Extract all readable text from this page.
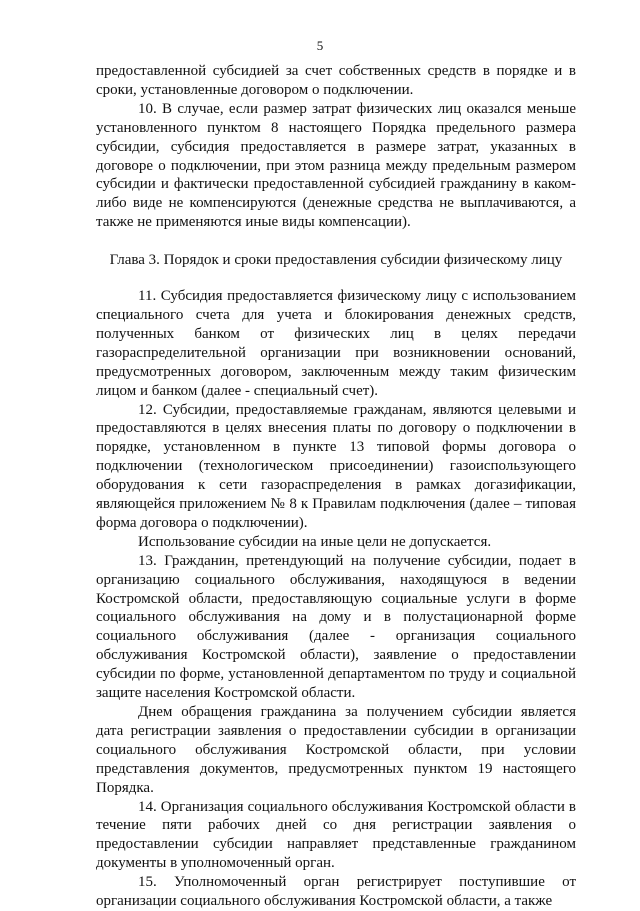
5

предоставленной субсидией за счет собственных средств в порядке и в сроки, установленные договором о подключении.

10. В случае, если размер затрат физических лиц оказался меньше установленного пунктом 8 настоящего Порядка предельного размера субсидии, субсидия предоставляется в размере затрат, указанных в договоре о подключении, при этом разница между предельным размером субсидии и фактически предоставленной субсидией гражданину в каком-либо виде не компенсируются (денежные средства не выплачиваются, а также не применяются иные виды компенсации).

Глава 3. Порядок и сроки предоставления субсидии физическому лицу

11. Субсидия предоставляется физическому лицу с использованием специального счета для учета и блокирования денежных средств, полученных банком от физических лиц в целях передачи газораспределительной организации при возникновении оснований, предусмотренных договором, заключенным между таким физическим лицом и банком (далее - специальный счет).

12. Субсидии, предоставляемые гражданам, являются целевыми и предоставляются в целях внесения платы по договору о подключении в порядке, установленном в пункте 13 типовой формы договора о подключении (технологическом присоединении) газоиспользующего оборудования к сети газораспределения в рамках догазификации, являющейся приложением № 8 к Правилам подключения (далее – типовая форма договора о подключении).

Использование субсидии на иные цели не допускается.

13. Гражданин, претендующий на получение субсидии, подает в организацию социального обслуживания, находящуюся в ведении Костромской области, предоставляющую социальные услуги в форме социального обслуживания на дому и в полустационарной форме социального обслуживания (далее - организация социального обслуживания Костромской области), заявление о предоставлении субсидии по форме, установленной департаментом по труду и социальной защите населения Костромской области.

Днем обращения гражданина за получением субсидии является дата регистрации заявления о предоставлении субсидии в организации социального обслуживания Костромской области, при условии представления документов, предусмотренных пунктом 19 настоящего Порядка.

14. Организация социального обслуживания Костромской области в течение пяти рабочих дней со дня регистрации заявления о предоставлении субсидии направляет представленные гражданином документы в уполномоченный орган.

15. Уполномоченный орган регистрирует поступившие от организации социального обслуживания Костромской области, а также
